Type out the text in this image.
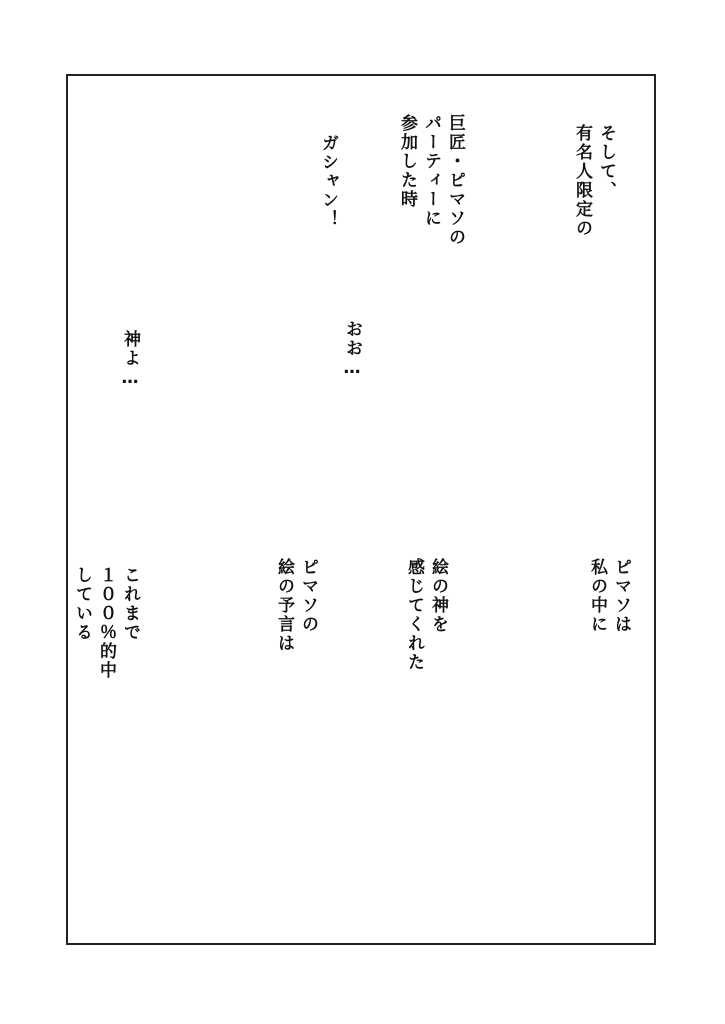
そして、
有名人限定の
巨匠・ピマソの
パーティーに
参加した時
ガシャン！
おお…
神よ…
ピマソは
私の中に
絵の神を
感じてくれた
ピマソの
絵の予言は
これまで
１００％的中
している
